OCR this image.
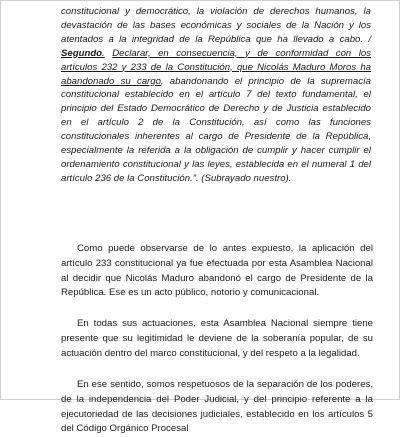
constitucional y democrático, la violación de derechos humanos, la devastación de las bases económicas y sociales de la Nación y los atentados a la integridad de la República que ha llevado a cabo. / Segundo. Declarar, en consecuencia, y de conformidad con los artículos 232 y 233 de la Constitución, que Nicolás Maduro Moros ha abandonado su cargo, abandonando el principio de la supremacía constitucional establecido en el artículo 7 del texto fundamental, el principio del Estado Democrático de Derecho y de Justicia establecido en el artículo 2 de la Constitución, así como las funciones constitucionales inherentes al cargo de Presidente de la República, especialmente la referida a la obligación de cumplir y hacer cumplir el ordenamiento constitucional y las leyes, establecida en el numeral 1 del artículo 236 de la Constitución.”. (Subrayado nuestro).
Como puede observarse de lo antes expuesto, la aplicación del artículo 233 constitucional ya fue efectuada por esta Asamblea Nacional al decidir que Nicolás Maduro abandonó el cargo de Presidente de la República. Ese es un acto público, notorio y comunicacional.
En todas sus actuaciones, esta Asamblea Nacional siempre tiene presente que su legitimidad le deviene de la soberanía popular, de su actuación dentro del marco constitucional, y del respeto a la legalidad.
En ese sentido, somos respetuosos de la separación de los poderes, de la independencia del Poder Judicial, y del principio referente a la ejecutoriedad de las decisiones judiciales, establecido en los artículos 5 del Código Orgánico Procesal
